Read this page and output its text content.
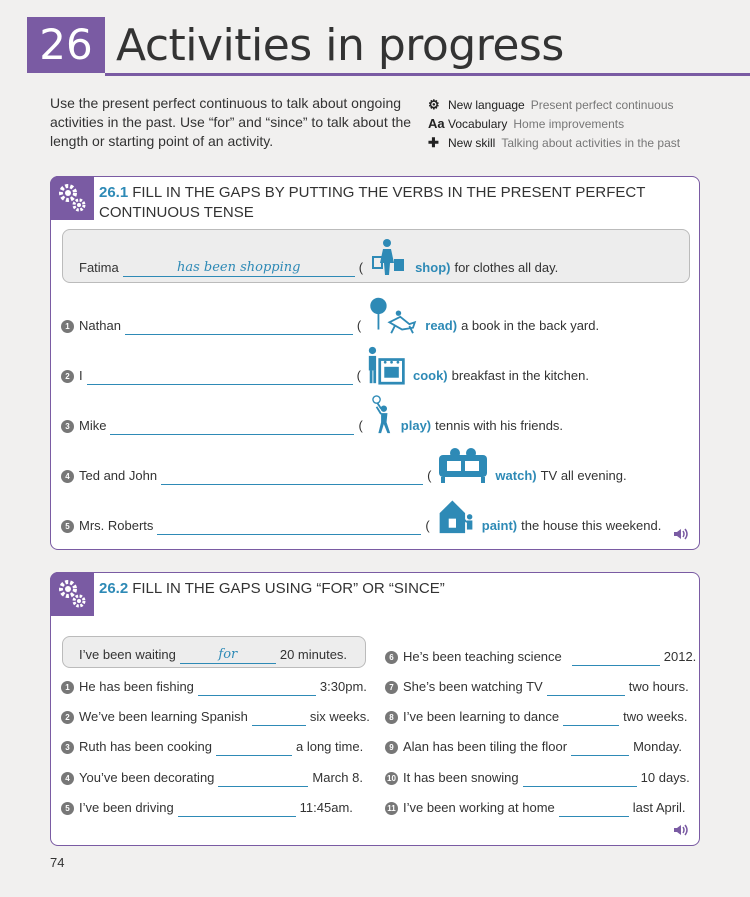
26 Activities in progress

Use the present perfect continuous to talk about ongoing activities in the past. Use “for” and “since” to talk about the length or starting point of an activity.

⚙ New language Present perfect continuous
Aa Vocabulary Home improvements
✚ New skill Talking about activities in the past
26.1 FILL IN THE GAPS BY PUTTING THE VERBS IN THE PRESENT PERFECT CONTINUOUS TENSE
Fatima	has been shopping	(	shop) for clothes all day.
1 Nathan	(	read) a book in the back yard.
2 I	(	cook) breakfast in the kitchen.
3 Mike	(	play) tennis with his friends.
4 Ted and John	(	watch) TV all evening.
5 Mrs. Roberts	(	paint) the house this weekend.
26.2 FILL IN THE GAPS USING “FOR” OR “SINCE”
I’ve been waiting	for	20 minutes.
1 He has been fishing	3:30pm.
2 We’ve been learning Spanish	six weeks.
3 Ruth has been cooking	a long time.
4 You’ve been decorating	March 8.
5 I’ve been driving	11:45am.
6 He’s been teaching science	2012.
7 She’s been watching TV	two hours.
8 I’ve been learning to dance	two weeks.
9 Alan has been tiling the floor	Monday.
10 It has been snowing	10 days.
11 I’ve been working at home	last April.
74
